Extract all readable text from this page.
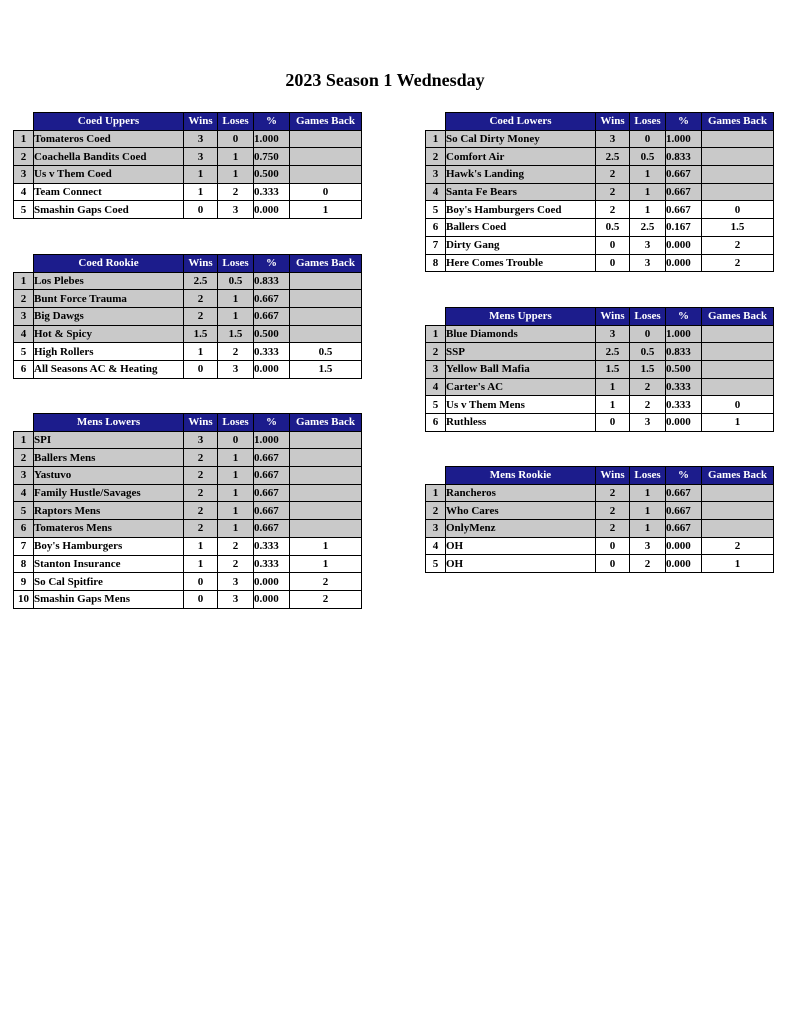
2023 Season 1 Wednesday
	Coed Uppers	Wins	Loses	%	Games Back
1	Tomateros Coed	3	0	1.000	
2	Coachella Bandits Coed	3	1	0.750	
3	Us v Them Coed	1	1	0.500	
4	Team Connect	1	2	0.333	0
5	Smashin Gaps Coed	0	3	0.000	1
	Coed Rookie	Wins	Loses	%	Games Back
1	Los Plebes	2.5	0.5	0.833	
2	Bunt Force Trauma	2	1	0.667	
3	Big Dawgs	2	1	0.667	
4	Hot & Spicy	1.5	1.5	0.500	
5	High Rollers	1	2	0.333	0.5
6	All Seasons AC & Heating	0	3	0.000	1.5
	Mens Lowers	Wins	Loses	%	Games Back
1	SPI	3	0	1.000	
2	Ballers Mens	2	1	0.667	
3	Yastuvo	2	1	0.667	
4	Family Hustle/Savages	2	1	0.667	
5	Raptors Mens	2	1	0.667	
6	Tomateros Mens	2	1	0.667	
7	Boy's Hamburgers	1	2	0.333	1
8	Stanton Insurance	1	2	0.333	1
9	So Cal Spitfire	0	3	0.000	2
10	Smashin Gaps Mens	0	3	0.000	2
	Coed Lowers	Wins	Loses	%	Games Back
1	So Cal Dirty Money	3	0	1.000	
2	Comfort Air	2.5	0.5	0.833	
3	Hawk's Landing	2	1	0.667	
4	Santa Fe Bears	2	1	0.667	
5	Boy's Hamburgers Coed	2	1	0.667	0
6	Ballers Coed	0.5	2.5	0.167	1.5
7	Dirty Gang	0	3	0.000	2
8	Here Comes Trouble	0	3	0.000	2
	Mens Uppers	Wins	Loses	%	Games Back
1	Blue Diamonds	3	0	1.000	
2	SSP	2.5	0.5	0.833	
3	Yellow Ball Mafia	1.5	1.5	0.500	
4	Carter's AC	1	2	0.333	
5	Us v Them Mens	1	2	0.333	0
6	Ruthless	0	3	0.000	1
	Mens Rookie	Wins	Loses	%	Games Back
1	Rancheros	2	1	0.667	
2	Who Cares	2	1	0.667	
3	OnlyMenz	2	1	0.667	
4	OH	0	3	0.000	2
5	OH	0	2	0.000	1
